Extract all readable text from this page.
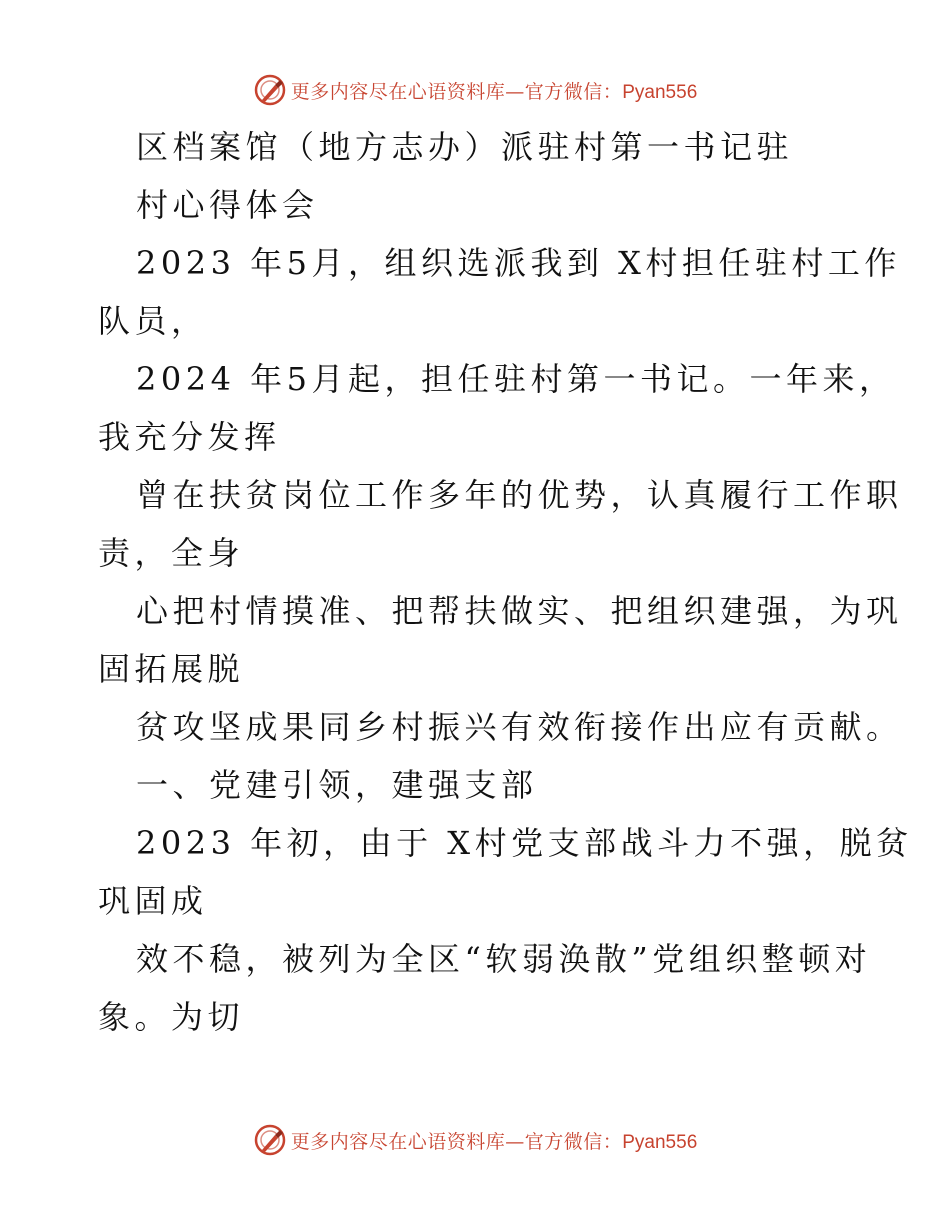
更多内容尽在心语资料库—官方微信：Pyan556
区档案馆（地方志办）派驻村第一书记驻
村心得体会
2023 年5月，组织选派我到 X村担任驻村工作
队员，
2024 年5月起，担任驻村第一书记。一年来，
我充分发挥
曾在扶贫岗位工作多年的优势，认真履行工作职
责，全身
心把村情摸准、把帮扶做实、把组织建强，为巩
固拓展脱
贫攻坚成果同乡村振兴有效衔接作出应有贡献。
一、党建引领，建强支部
2023 年初，由于 X村党支部战斗力不强，脱贫
巩固成
效不稳，被列为全区“软弱涣散”党组织整顿对
象。为切
更多内容尽在心语资料库—官方微信：Pyan556
